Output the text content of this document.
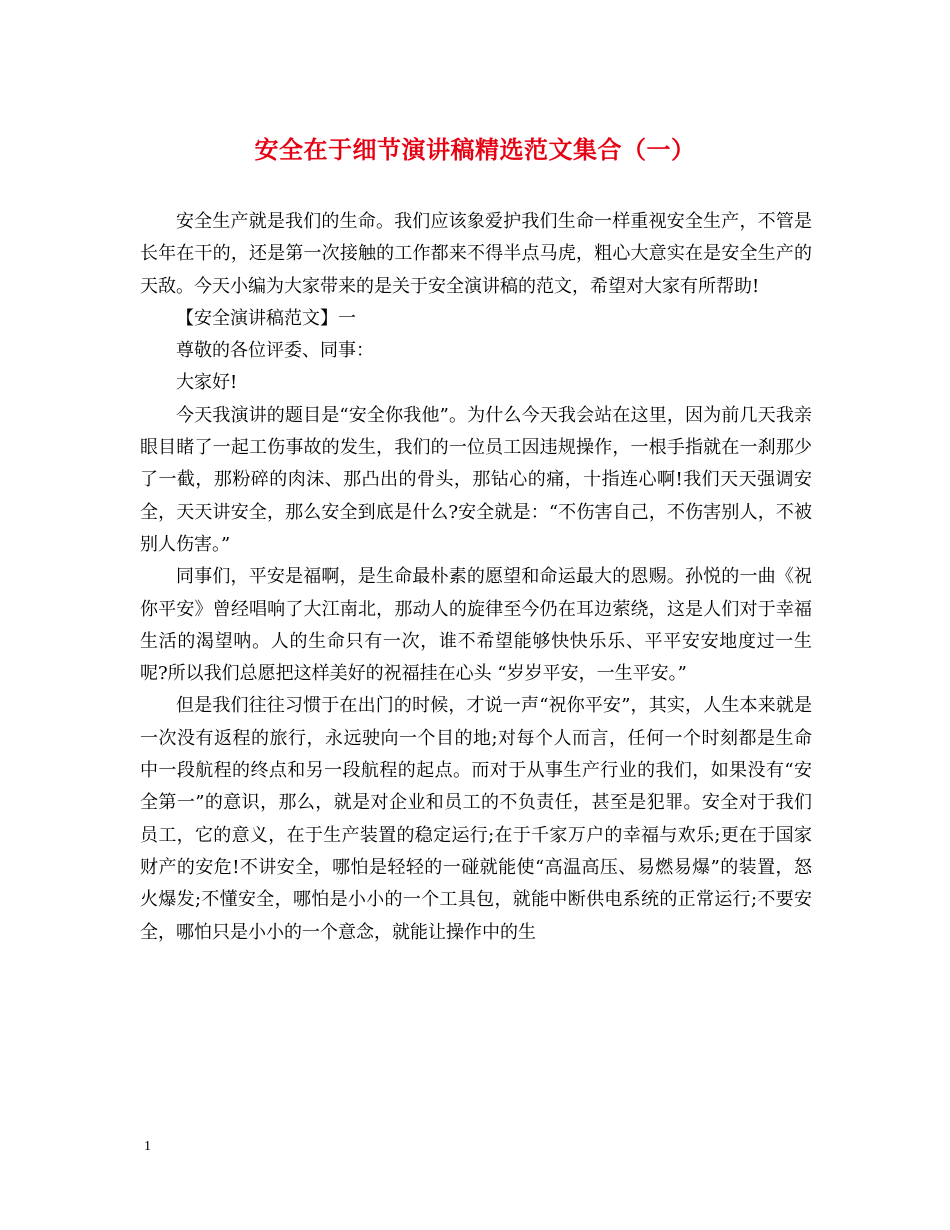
安全在于细节演讲稿精选范文集合（一）

安全生产就是我们的生命。我们应该象爱护我们生命一样重视安全生产，不管是长年在干的，还是第一次接触的工作都来不得半点马虎，粗心大意实在是安全生产的天敌。今天小编为大家带来的是关于安全演讲稿的范文，希望对大家有所帮助!

【安全演讲稿范文】一

尊敬的各位评委、同事：

大家好!

今天我演讲的题目是“安全你我他”。为什么今天我会站在这里，因为前几天我亲眼目睹了一起工伤事故的发生，我们的一位员工因违规操作，一根手指就在一刹那少了一截，那粉碎的肉沫、那凸出的骨头，那钻心的痛，十指连心啊!我们天天强调安全，天天讲安全，那么安全到底是什么?安全就是：“不伤害自己，不伤害别人，不被别人伤害。”

同事们，平安是福啊，是生命最朴素的愿望和命运最大的恩赐。孙悦的一曲《祝你平安》曾经唱响了大江南北，那动人的旋律至今仍在耳边萦绕，这是人们对于幸福生活的渴望呐。人的生命只有一次，谁不希望能够快快乐乐、平平安安地度过一生呢?所以我们总愿把这样美好的祝福挂在心头 “岁岁平安，一生平安。”

但是我们往往习惯于在出门的时候，才说一声“祝你平安”，其实，人生本来就是一次没有返程的旅行，永远驶向一个目的地;对每个人而言，任何一个时刻都是生命中一段航程的终点和另一段航程的起点。而对于从事生产行业的我们，如果没有“安全第一”的意识，那么，就是对企业和员工的不负责任，甚至是犯罪。安全对于我们员工，它的意义，在于生产装置的稳定运行;在于千家万户的幸福与欢乐;更在于国家财产的安危!不讲安全，哪怕是轻轻的一碰就能使“高温高压、易燃易爆”的装置，怒火爆发;不懂安全，哪怕是小小的一个工具包，就能中断供电系统的正常运行;不要安全，哪怕只是小小的一个意念，就能让操作中的生

1
